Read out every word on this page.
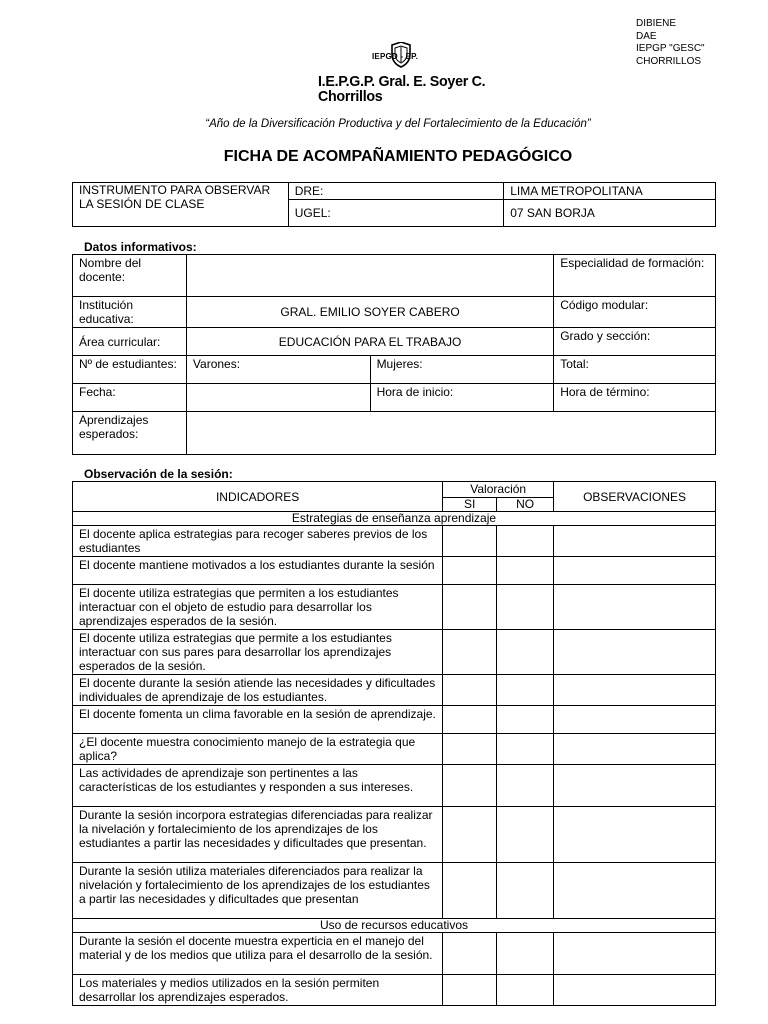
DIBIENE
DAE
IEPGP "GESC"
CHORRILLOS
IEPGD - EP.
I.E.P.G.P. Gral. E. Soyer C.
Chorrillos
“Año de la Diversificación Productiva y del Fortalecimiento de la Educación”
FICHA DE ACOMPAÑAMIENTO PEDAGÓGICO
INSTRUMENTO PARA OBSERVAR LA SESIÓN DE CLASE	DRE:	LIMA METROPOLITANA
	UGEL:	07 SAN BORJA
Datos informativos:
Nombre del docente:			Especialidad de formación:
Institución educativa:	GRAL. EMILIO SOYER CABERO		Código modular:
Área curricular:	EDUCACIÓN PARA EL TRABAJO		Grado y sección:
Nº de estudiantes:	Varones:	Mujeres:	Total:
Fecha:		Hora de inicio:	Hora de término:
Aprendizajes esperados:			
Observación de la sesión:
INDICADORES	Valoración		OBSERVACIONES
	SI	NO	
Estrategias de enseñanza aprendizaje			
El docente aplica estrategias para recoger saberes previos de los estudiantes			
El docente mantiene motivados a los estudiantes durante la sesión			
El docente utiliza estrategias que permiten a los estudiantes interactuar con el objeto de estudio para desarrollar los aprendizajes esperados de la sesión.			
El docente utiliza estrategias que permite a los estudiantes interactuar con sus pares para desarrollar los aprendizajes esperados de la sesión.			
El docente durante la sesión atiende las necesidades y dificultades individuales de aprendizaje de los estudiantes.			
El docente fomenta un clima favorable en la sesión de aprendizaje.			
¿El docente muestra conocimiento manejo de la estrategia que aplica?			
Las actividades de aprendizaje son pertinentes a las características de los estudiantes y responden a sus intereses.			
Durante la sesión incorpora estrategias diferenciadas para realizar la nivelación y fortalecimiento de los aprendizajes de los estudiantes a partir las necesidades y dificultades que presentan.			
Durante la sesión utiliza materiales diferenciados para realizar la nivelación y fortalecimiento de los aprendizajes de los estudiantes a partir las necesidades y dificultades que presentan			
Uso de recursos educativos			
Durante la sesión el docente muestra experticia en el manejo del material y de los medios que utiliza para el desarrollo de la sesión.			
Los materiales y medios utilizados en la sesión permiten desarrollar los aprendizajes esperados.			
